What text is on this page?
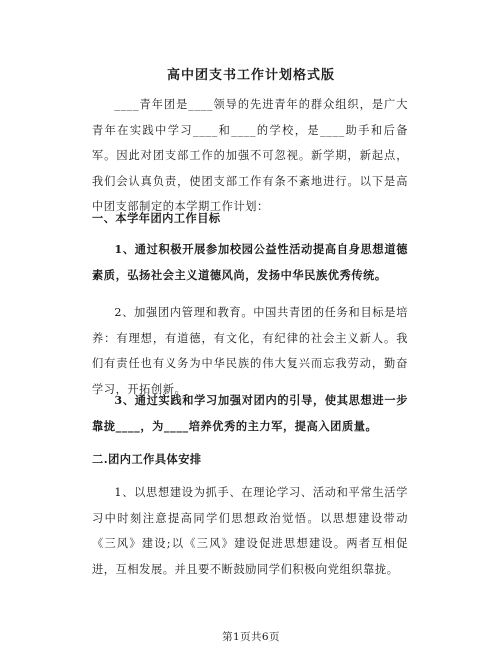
高中团支书工作计划格式版
____青年团是____领导的先进青年的群众组织，是广大青年在实践中学习____和____的学校，是____助手和后备军。因此对团支部工作的加强不可忽视。新学期，新起点，我们会认真负责，使团支部工作有条不紊地进行。以下是高中团支部制定的本学期工作计划：
一、本学年团内工作目标
1、通过积极开展参加校园公益性活动提高自身思想道德素质，弘扬社会主义道德风尚，发扬中华民族优秀传统。
2、加强团内管理和教育。中国共青团的任务和目标是培养：有理想，有道德，有文化，有纪律的社会主义新人。我们有责任也有义务为中华民族的伟大复兴而忘我劳动，勤奋学习，开拓创新。
3、通过实践和学习加强对团内的引导，使其思想进一步靠拢____，为____培养优秀的主力军，提高入团质量。
二.团内工作具体安排
1、以思想建设为抓手、在理论学习、活动和平常生活学习中时刻注意提高同学们思想政治觉悟。以思想建设带动《三风》建设;以《三风》建设促进思想建设。两者互相促进，互相发展。并且要不断鼓励同学们积极向党组织靠拢。
第1页共6页
